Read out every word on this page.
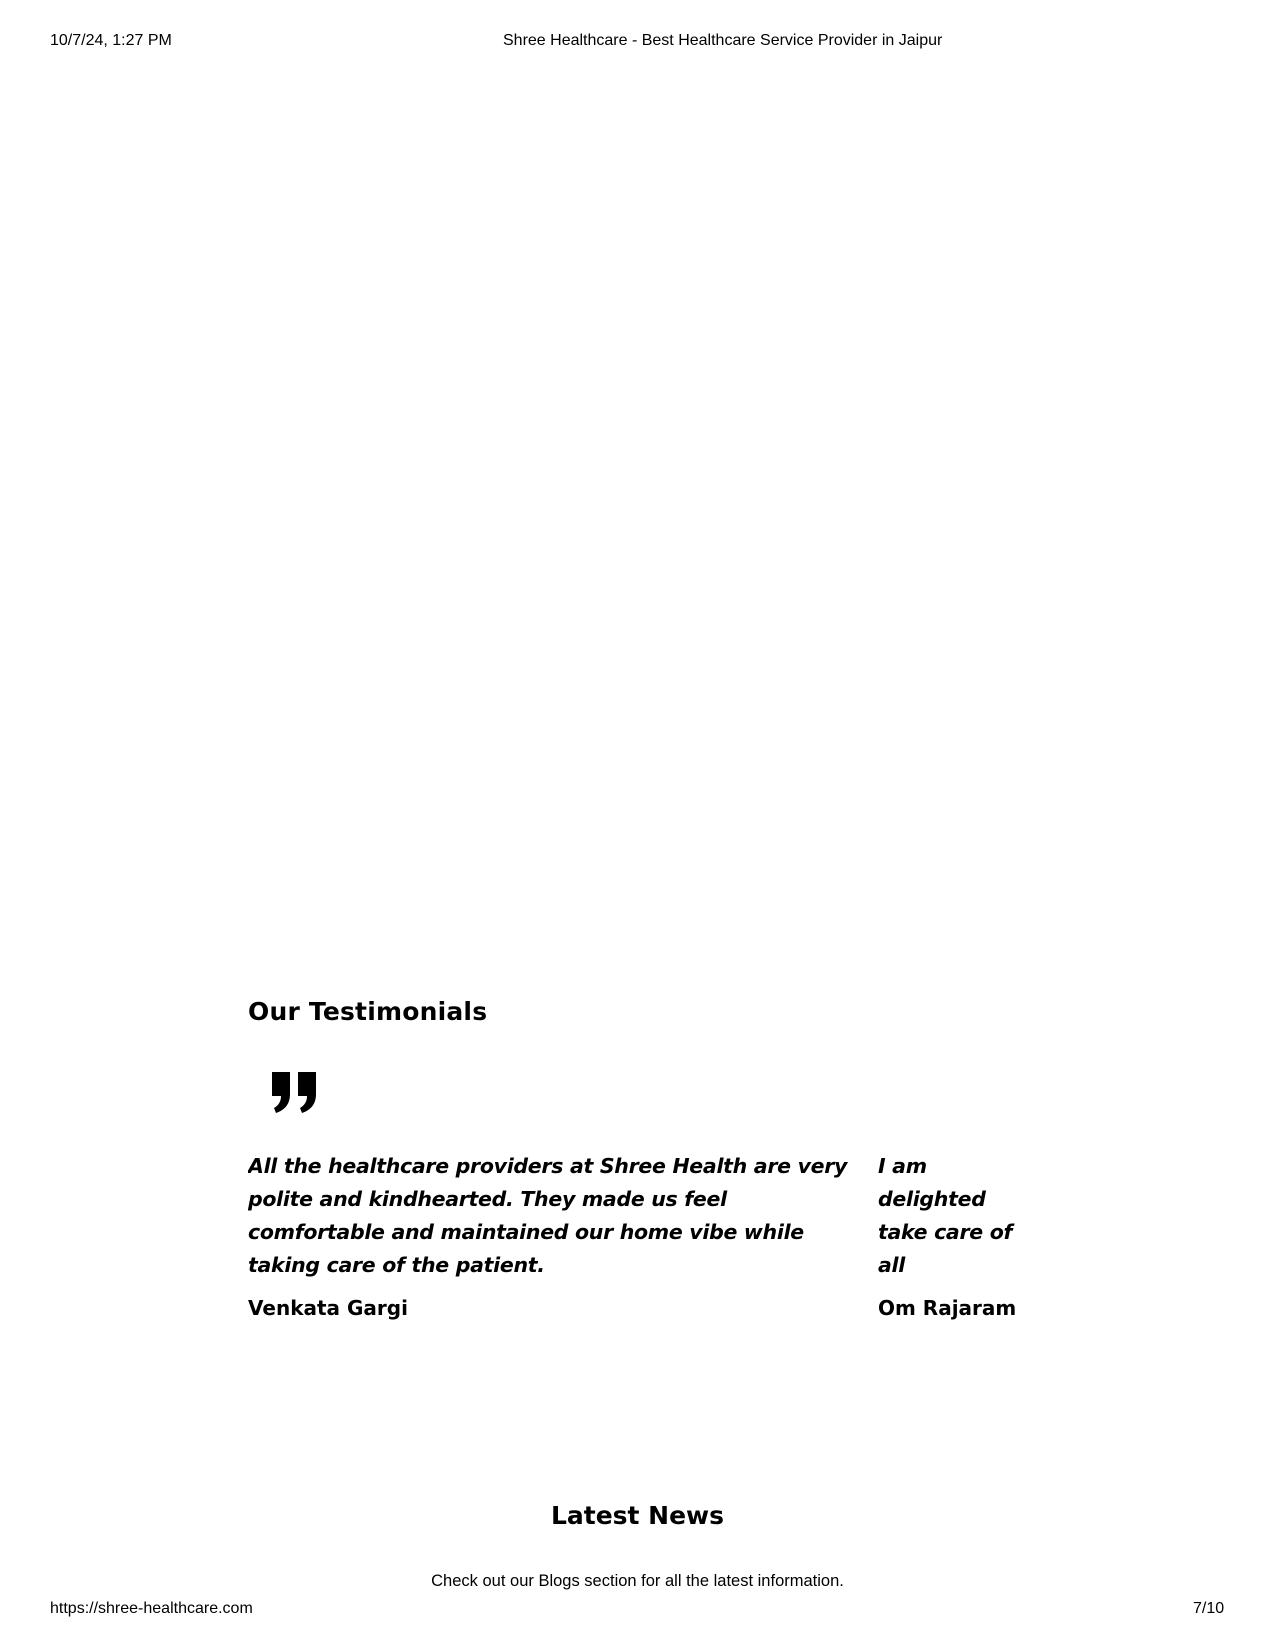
10/7/24, 1:27 PM	Shree Healthcare - Best Healthcare Service Provider in Jaipur
Our Testimonials

All the healthcare providers at Shree Health are very polite and kindhearted. They made us feel comfortable and maintained our home vibe while taking care of the patient.

Venkata Gargi

I am delighted take care of all

Om Rajaram
Latest News

Check out our Blogs section for all the latest information.

https://shree-healthcare.com	7/10
